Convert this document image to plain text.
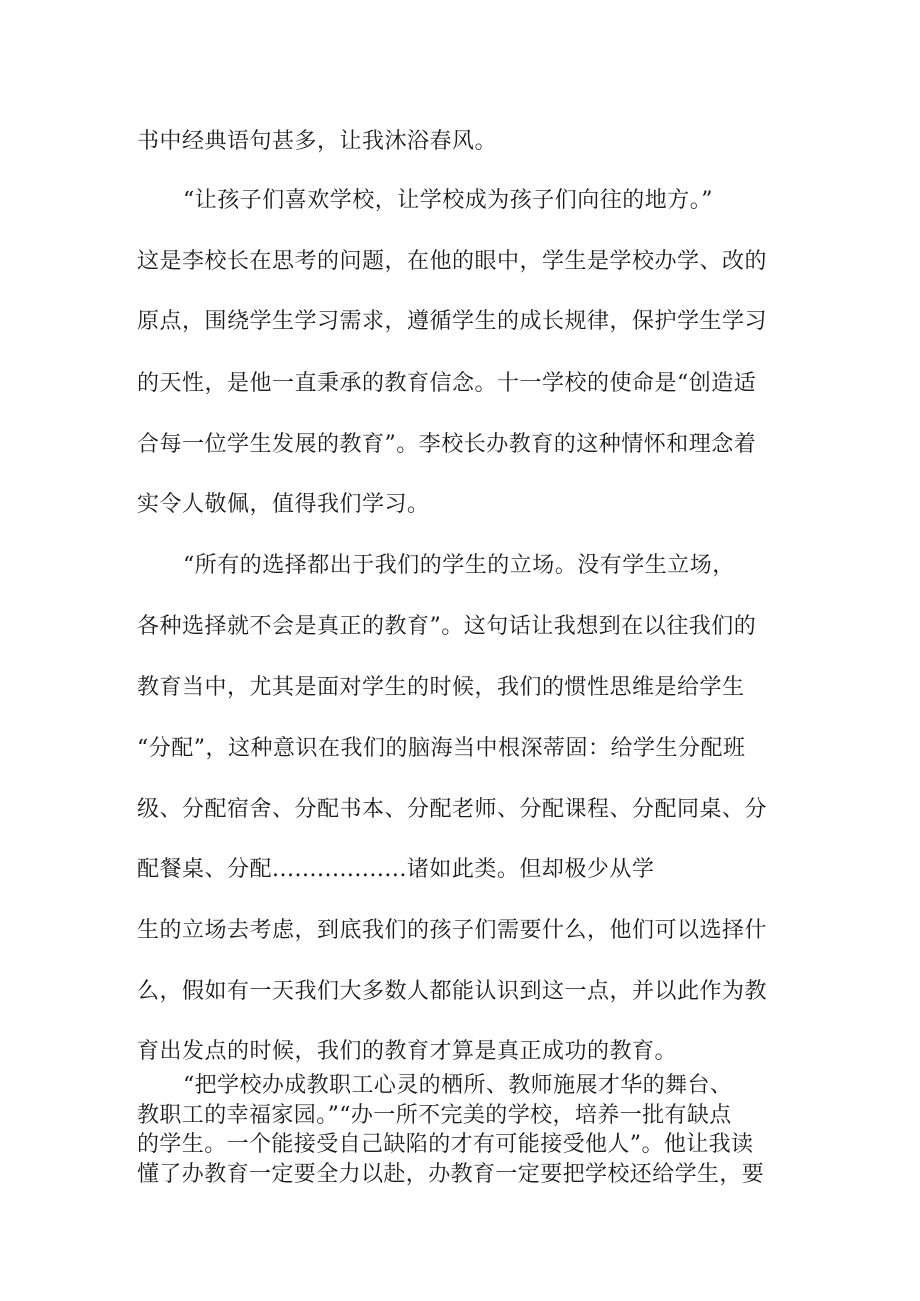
书中经典语句甚多，让我沐浴春风。
“让孩子们喜欢学校，让学校成为孩子们向往的地方。”
这是李校长在思考的问题，在他的眼中，学生是学校办学、改的
原点，围绕学生学习需求，遵循学生的成长规律，保护学生学习
的天性，是他一直秉承的教育信念。十一学校的使命是“创造适
合每一位学生发展的教育”。李校长办教育的这种情怀和理念着
实令人敬佩，值得我们学习。
“所有的选择都出于我们的学生的立场。没有学生立场，
各种选择就不会是真正的教育”。这句话让我想到在以往我们的
教育当中，尤其是面对学生的时候，我们的惯性思维是给学生
“分配”，这种意识在我们的脑海当中根深蒂固：给学生分配班
级、分配宿舍、分配书本、分配老师、分配课程、分配同桌、分
配餐桌、分配..................诸如此类。但却极少从学
生的立场去考虑，到底我们的孩子们需要什么，他们可以选择什
么，假如有一天我们大多数人都能认识到这一点，并以此作为教
育出发点的时候，我们的教育才算是真正成功的教育。
“把学校办成教职工心灵的栖所、教师施展才华的舞台、
教职工的幸福家园。”“办一所不完美的学校，培养一批有缺点
的学生。一个能接受自己缺陷的才有可能接受他人”。他让我读
懂了办教育一定要全力以赴，办教育一定要把学校还给学生，要
